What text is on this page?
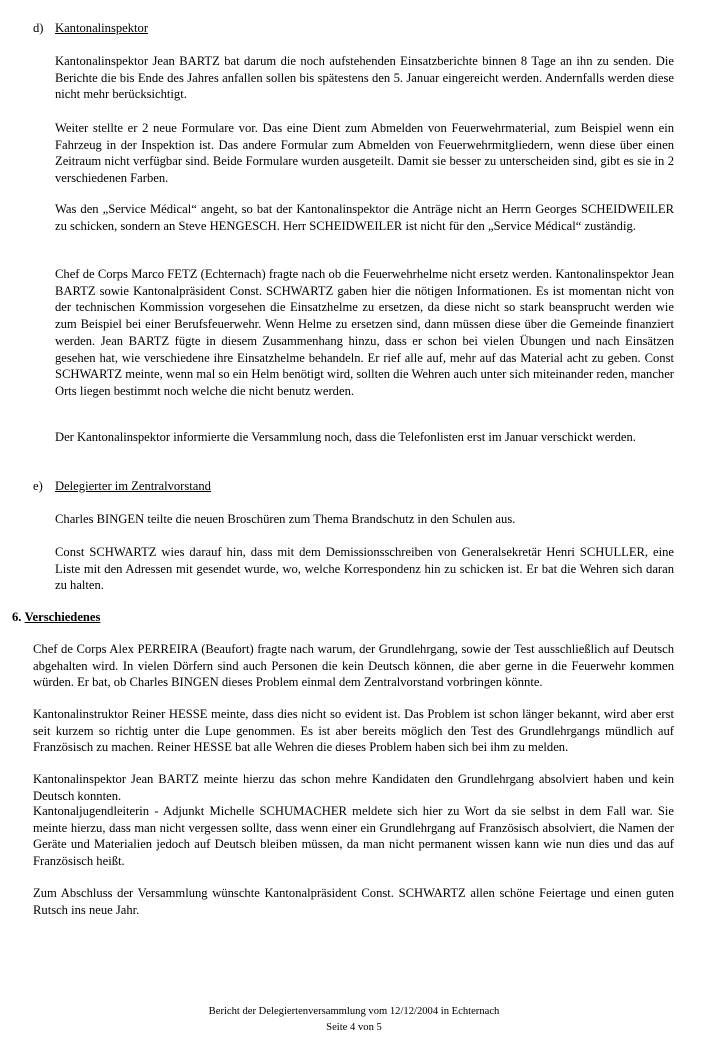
d) Kantonalinspektor

Kantonalinspektor Jean BARTZ bat darum die noch aufstehenden Einsatzberichte binnen 8 Tage an ihn zu senden. Die Berichte die bis Ende des Jahres anfallen sollen bis spätestens den 5. Januar eingereicht werden. Andernfalls werden diese nicht mehr berücksichtigt.

Weiter stellte er 2 neue Formulare vor. Das eine Dient zum Abmelden von Feuerwehrmaterial, zum Beispiel wenn ein Fahrzeug in der Inspektion ist. Das andere Formular zum Abmelden von Feuerwehrmitgliedern, wenn diese über einen Zeitraum nicht verfügbar sind. Beide Formulare wurden ausgeteilt. Damit sie besser zu unterscheiden sind, gibt es sie in 2 verschiedenen Farben.

Was den „Service Médical“ angeht, so bat der Kantonalinspektor die Anträge nicht an Herrn Georges SCHEIDWEILER zu schicken, sondern an Steve HENGESCH. Herr SCHEIDWEILER ist nicht für den „Service Médical“ zuständig.

Chef de Corps Marco FETZ (Echternach) fragte nach ob die Feuerwehrhelme nicht ersetz werden. Kantonalinspektor Jean BARTZ sowie Kantonalpräsident Const. SCHWARTZ gaben hier die nötigen Informationen. Es ist momentan nicht von der technischen Kommission vorgesehen die Einsatzhelme zu ersetzen, da diese nicht so stark beansprucht werden wie zum Beispiel bei einer Berufsfeuerwehr. Wenn Helme zu ersetzen sind, dann müssen diese über die Gemeinde finanziert werden. Jean BARTZ fügte in diesem Zusammenhang hinzu, dass er schon bei vielen Übungen und nach Einsätzen gesehen hat, wie verschiedene ihre Einsatzhelme behandeln. Er rief alle auf, mehr auf das Material acht zu geben. Const SCHWARTZ meinte, wenn mal so ein Helm benötigt wird, sollten die Wehren auch unter sich miteinander reden, mancher Orts liegen bestimmt noch welche die nicht benutz werden.

Der Kantonalinspektor informierte die Versammlung noch, dass die Telefonlisten erst im Januar verschickt werden.

e) Delegierter im Zentralvorstand

Charles BINGEN teilte die neuen Broschüren zum Thema Brandschutz in den Schulen aus.

Const SCHWARTZ wies darauf hin, dass mit dem Demissionsschreiben von Generalsekretär Henri SCHULLER, eine Liste mit den Adressen mit gesendet wurde, wo, welche Korrespondenz hin zu schicken ist. Er bat die Wehren sich daran zu halten.

6. Verschiedenes

Chef de Corps Alex PERREIRA (Beaufort) fragte nach warum, der Grundlehrgang, sowie der Test ausschließlich auf Deutsch abgehalten wird. In vielen Dörfern sind auch Personen die kein Deutsch können, die aber gerne in die Feuerwehr kommen würden. Er bat, ob Charles BINGEN dieses Problem einmal dem Zentralvorstand vorbringen könnte.

Kantonalinstruktor Reiner HESSE meinte, dass dies nicht so evident ist. Das Problem ist schon länger bekannt, wird aber erst seit kurzem so richtig unter die Lupe genommen. Es ist aber bereits möglich den Test des Grundlehrgangs mündlich auf Französisch zu machen. Reiner HESSE bat alle Wehren die dieses Problem haben sich bei ihm zu melden.

Kantonalinspektor Jean BARTZ meinte hierzu das schon mehre Kandidaten den Grundlehrgang absolviert haben und kein Deutsch konnten.

Kantonaljugendleiterin - Adjunkt Michelle SCHUMACHER meldete sich hier zu Wort da sie selbst in dem Fall war. Sie meinte hierzu, dass man nicht vergessen sollte, dass wenn einer ein Grundlehrgang auf Französisch absolviert, die Namen der Geräte und Materialien jedoch auf Deutsch bleiben müssen, da man nicht permanent wissen kann wie nun dies und das auf Französisch heißt.

Zum Abschluss der Versammlung wünschte Kantonalpräsident Const. SCHWARTZ allen schöne Feiertage und einen guten Rutsch ins neue Jahr.

Bericht der Delegiertenversammlung vom 12/12/2004 in Echternach
Seite 4 von 5
